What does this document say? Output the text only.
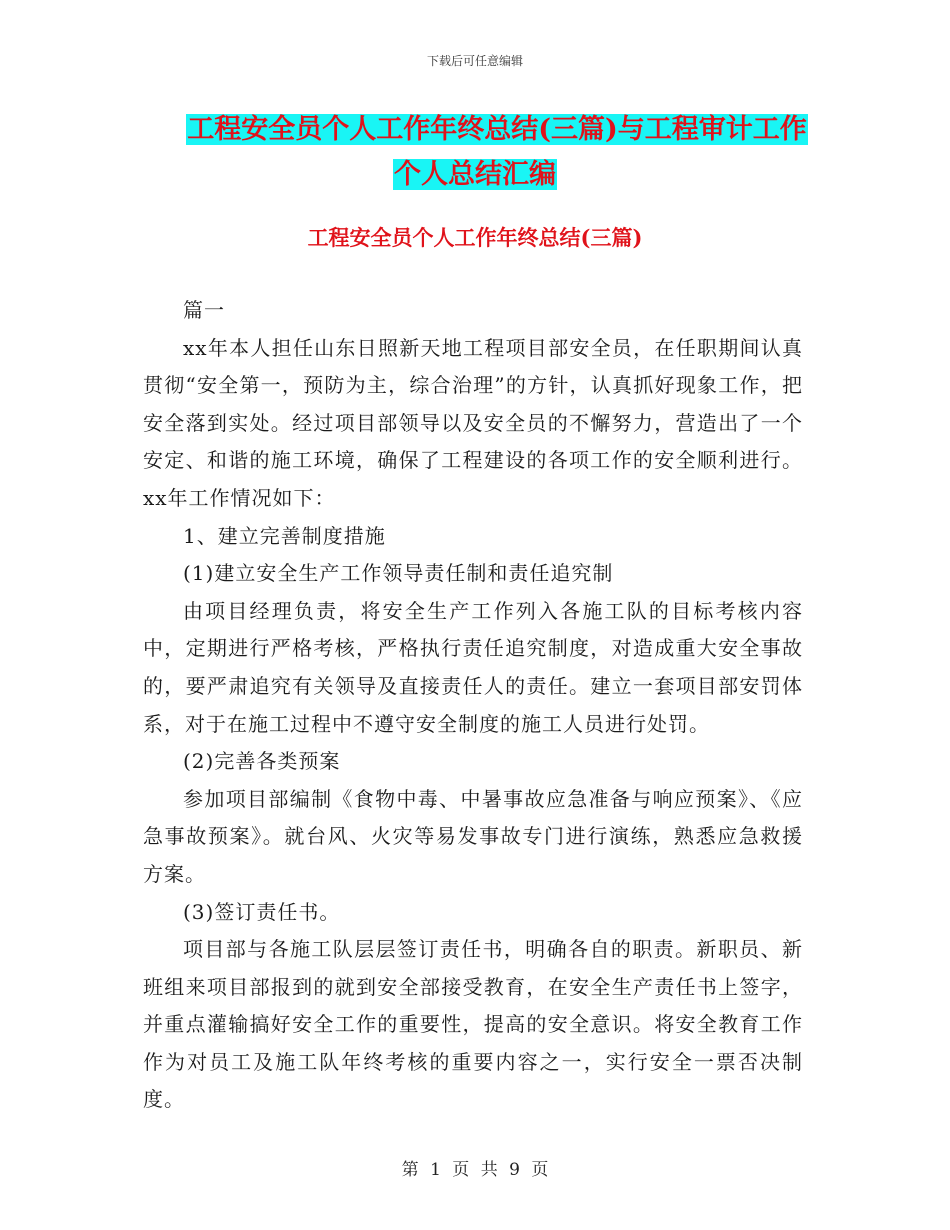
下载后可任意编辑
工程安全员个人工作年终总结(三篇)与工程审计工作
个人总结汇编
工程安全员个人工作年终总结(三篇)

篇一

xx年本人担任山东日照新天地工程项目部安全员，在任职期间认真贯彻“安全第一，预防为主，综合治理”的方针，认真抓好现象工作，把安全落到实处。经过项目部领导以及安全员的不懈努力，营造出了一个安定、和谐的施工环境，确保了工程建设的各项工作的安全顺利进行。xx年工作情况如下：

1、建立完善制度措施

(1)建立安全生产工作领导责任制和责任追究制

由项目经理负责，将安全生产工作列入各施工队的目标考核内容中，定期进行严格考核，严格执行责任追究制度，对造成重大安全事故的，要严肃追究有关领导及直接责任人的责任。建立一套项目部安罚体系，对于在施工过程中不遵守安全制度的施工人员进行处罚。

(2)完善各类预案

参加项目部编制《食物中毒、中暑事故应急准备与响应预案》、《应急事故预案》。就台风、火灾等易发事故专门进行演练，熟悉应急救援方案。

(3)签订责任书。

项目部与各施工队层层签订责任书，明确各自的职责。新职员、新班组来项目部报到的就到安全部接受教育，在安全生产责任书上签字，并重点灌输搞好安全工作的重要性，提高的安全意识。将安全教育工作作为对员工及施工队年终考核的重要内容之一，实行安全一票否决制度。

第 1 页 共 9 页
